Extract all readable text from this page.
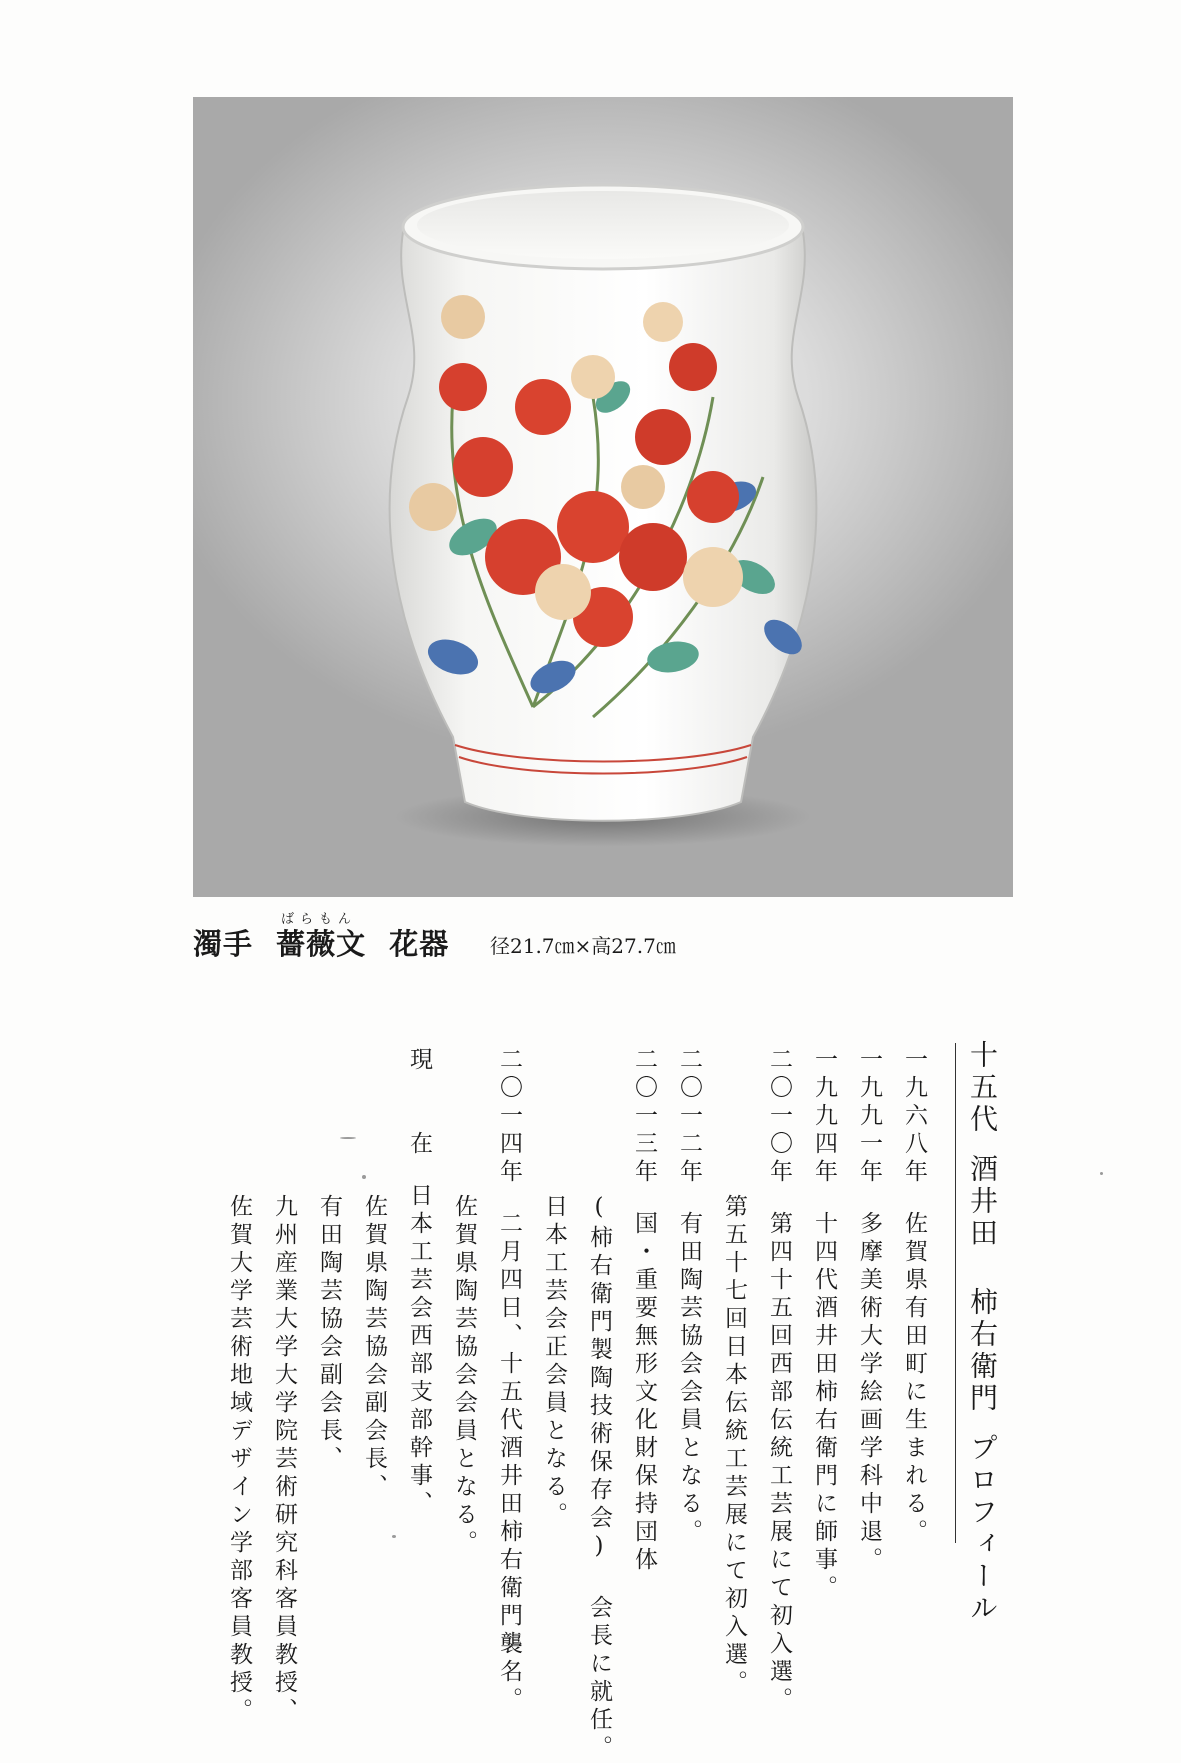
ばらもん
濁手 薔薇文 花器 径21.7㎝×高27.7㎝
十五代酒井田 柿右衛門プロフィール
一九六八年佐賀県有田町に生まれる。
一九九一年多摩美術大学絵画学科中退。
一九九四年十四代酒井田柿右衛門に師事。
二〇一〇年第四十五回西部伝統工芸展にて初入選。
第五十七回日本伝統工芸展にて初入選。
二〇一二年有田陶芸協会会員となる。
二〇一三年国・重要無形文化財保持団体
(柿右衛門製陶技術保存会) 会長に就任。
日本工芸会正会員となる。
二〇一四年二月四日、十五代酒井田柿右衛門襲名。
佐賀県陶芸協会会員となる。
現　　在日本工芸会西部支部幹事、
佐賀県陶芸協会副会長、
有田陶芸協会副会長、
九州産業大学大学院芸術研究科客員教授、
佐賀大学芸術地域デザイン学部客員教授。
